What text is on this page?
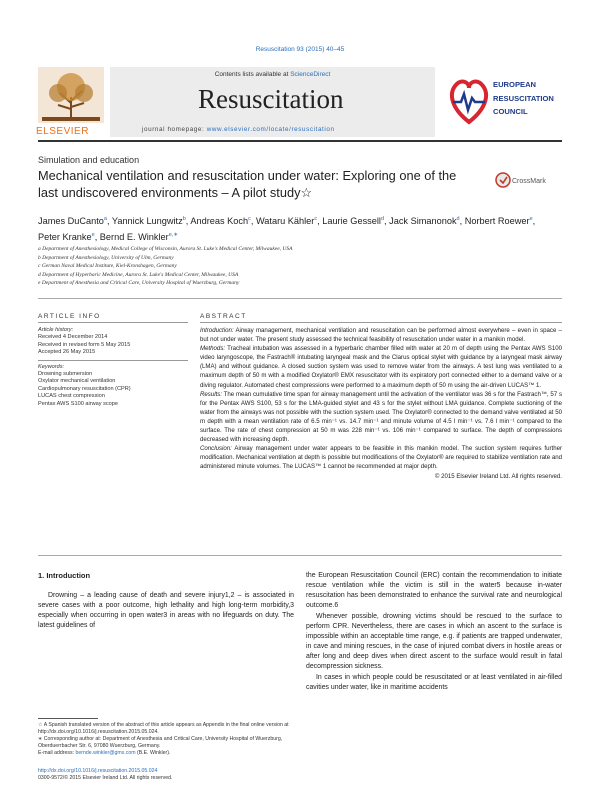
Resuscitation 93 (2015) 40–45
ELSEVIER
Contents lists available at ScienceDirect
Resuscitation
journal homepage: www.elsevier.com/locate/resuscitation
EUROPEAN
RESUSCITATION
COUNCIL
Simulation and education
Mechanical ventilation and resuscitation under water: Exploring one of the last undiscovered environments – A pilot study☆
CrossMark
James DuCanto$^a$, Yannick Lungwitz$^b$, Andreas Koch$^c$, Wataru Kähler$^c$, Laurie Gessell$^d$, Jack Simanonok$^d$, Norbert Roewer$^e$, Peter Kranke$^e$, Bernd E. Winkler$^{e,∗}$
a Department of Anesthesiology, Medical College of Wisconsin, Aurora St. Luke's Medical Center, Milwaukee, USA
b Department of Anesthesiology, University of Ulm, Germany
c German Naval Medical Institute, Kiel-Kronshagen, Germany
d Department of Hyperbaric Medicine, Aurora St. Luke's Medical Center, Milwaukee, USA
e Department of Anesthesia and Critical Care, University Hospital of Wuerzburg, Germany
ARTICLE INFO	ABSTRACT
Article history:
Received 4 December 2014
Received in revised form 5 May 2015
Accepted 26 May 2015
Keywords:
Drowning submersion
Oxylator mechanical ventilation
Cardiopulmonary resuscitation (CPR)
LUCAS chest compression
Pentax AWS S100 airway scope

Introduction: Airway management, mechanical ventilation and resuscitation can be performed almost everywhere – even in space – but not under water. The present study assessed the technical feasibility of resuscitation under water in a manikin model.

Methods: Tracheal intubation was assessed in a hyperbaric chamber filled with water at 20 m of depth using the Pentax AWS S100 video laryngoscope, the Fastrach® intubating laryngeal mask and the Clarus optical stylet with guidance by a laryngeal mask airway (LMA) and without guidance. A closed suction system was used to remove water from the airways. A test lung was ventilated to a maximum depth of 50 m with a modified Oxylator® EMX resuscitator with its expiratory port connected either to a demand valve or a diving regulator. Automated chest compressions were performed to a maximum depth of 50 m using the air-driven LUCAS™ 1.

Results: The mean cumulative time span for airway management until the activation of the ventilator was 36 s for the Fastrach™, 57 s for the Pentax AWS S100, 53 s for the LMA-guided stylet and 43 s for the stylet without LMA guidance. Complete suctioning of the water from the airways was not possible with the suction system used. The Oxylator® connected to the demand valve ventilated at 50 m depth with a mean ventilation rate of 6.5 min⁻¹ vs. 14.7 min⁻¹ and minute volume of 4.5 l min⁻¹ vs. 7.6 l min⁻¹ compared to the surface. The rate of chest compression at 50 m was 228 min⁻¹ vs. 106 min⁻¹ compared to surface. The depth of compressions decreased with increasing depth.

Conclusion: Airway management under water appears to be feasible in this manikin model. The suction system requires further modification. Mechanical ventilation at depth is possible but modifications of the Oxylator® are required to stabilize ventilation rate and administered minute volumes. The LUCAS™ 1 cannot be recommended at major depth.

© 2015 Elsevier Ireland Ltd. All rights reserved.

1. Introduction

Drowning – a leading cause of death and severe injury1,2 – is associated in severe cases with a poor outcome, high lethality and high long-term morbidity,3 especially when occurring in open water3 in areas with no lifeguards on duty. The latest guidelines of

the European Resuscitation Council (ERC) contain the recommendation to initiate rescue ventilation while the victim is still in the water5 because in-water resuscitation has been demonstrated to enhance the survival rate and neurological outcome.6

Whenever possible, drowning victims should be rescued to the surface to perform CPR. Nevertheless, there are cases in which an ascent to the surface is impossible within an acceptable time range, e.g. if patients are trapped underwater, in cave and mining rescues, in the case of injured combat divers in hostile areas or after long and deep dives when direct ascent to the surface would result in fatal decompression sickness.

In cases in which people could be resuscitated or at least ventilated in air-filled cavities under water, like in maritime accidents

☆ A Spanish translated version of the abstract of this article appears as Appendix in the final online version at http://dx.doi.org/10.1016/j.resuscitation.2015.05.024.
∗ Corresponding author at: Department of Anesthesia and Critical Care, University Hospital of Wuerzburg, Oberduerrbacher Str. 6, 97080 Wuerzburg, Germany.
E-mail address: bernde.winkler@gmx.com (B.E. Winkler).
http://dx.doi.org/10.1016/j.resuscitation.2015.05.024
0300-9572/© 2015 Elsevier Ireland Ltd. All rights reserved.
